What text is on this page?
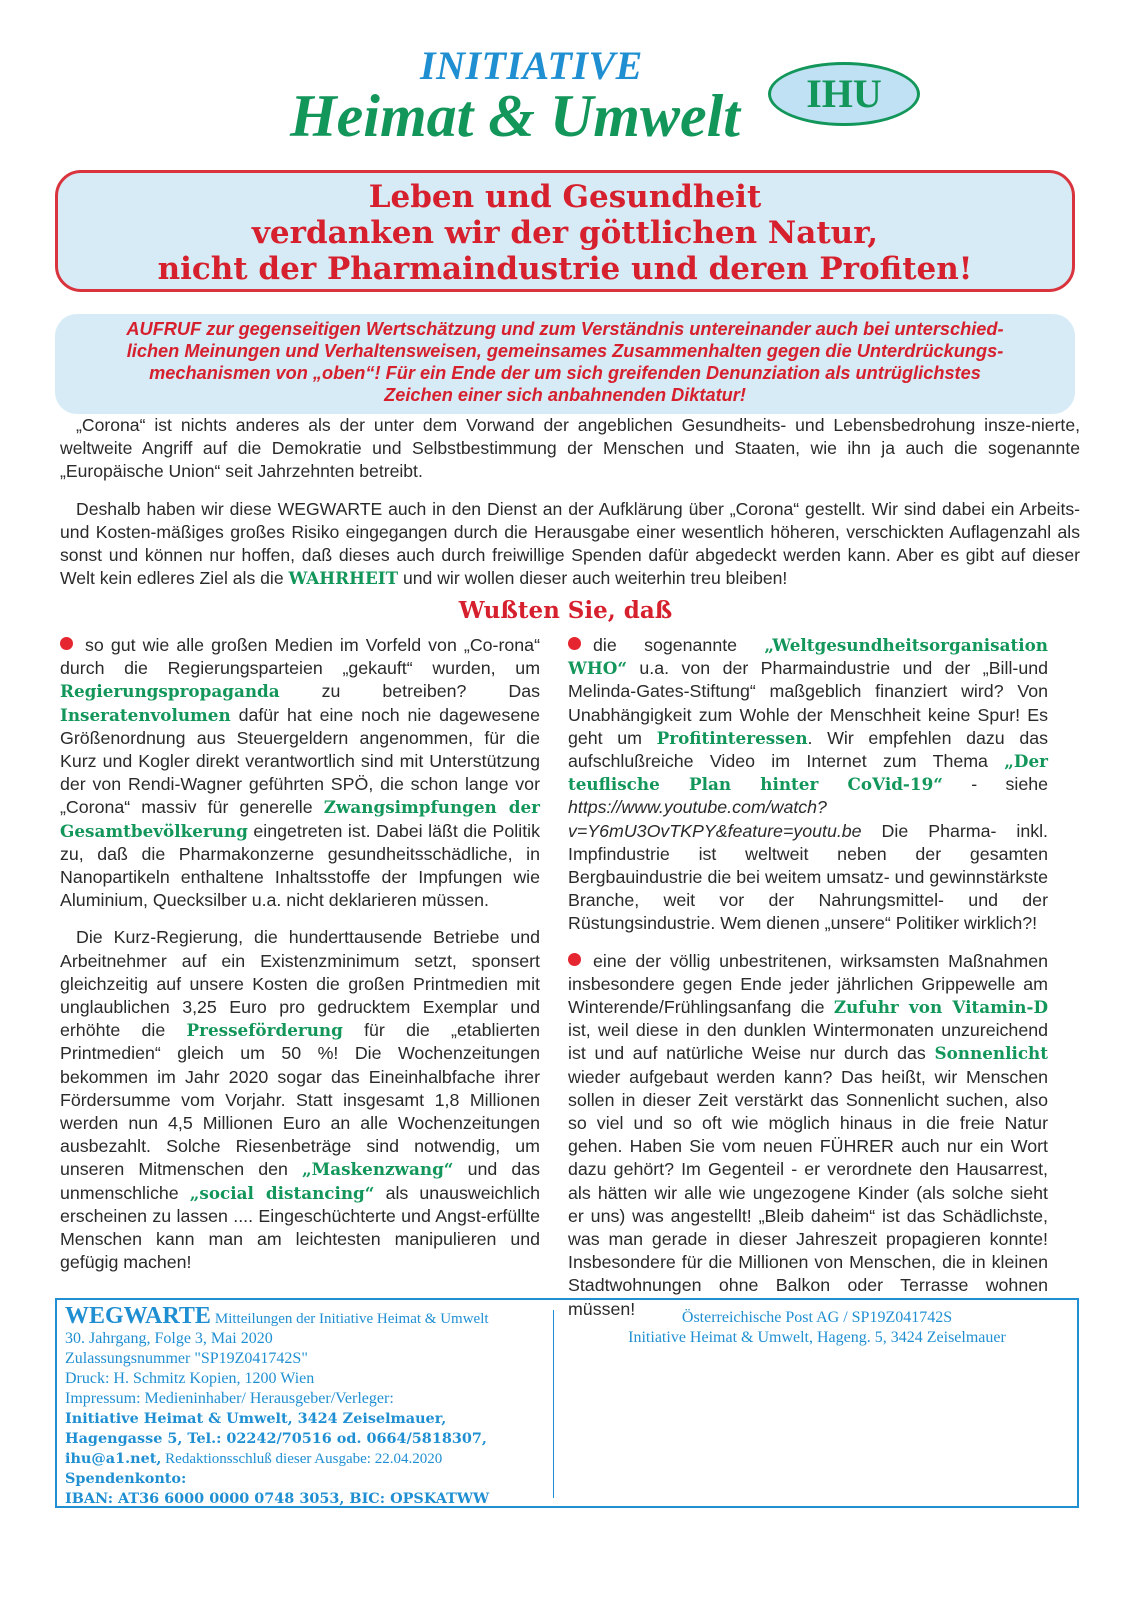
INITIATIVE
Heimat & Umwelt	IHU
Leben und Gesundheit
verdanken wir der göttlichen Natur,
nicht der Pharmaindustrie und deren Profiten!
AUFRUF zur gegenseitigen Wertschätzung und zum Verständnis untereinander auch bei unterschied-
lichen Meinungen und Verhaltensweisen, gemeinsames Zusammenhalten gegen die Unterdrückungs-
mechanismen von „oben“! Für ein Ende der um sich greifenden Denunziation als untrüglichstes
Zeichen einer sich anbahnenden Diktatur!

„Corona“ ist nichts anderes als der unter dem Vorwand der angeblichen Gesundheits- und Lebensbedrohung insze-nierte, weltweite Angriff auf die Demokratie und Selbstbestimmung der Menschen und Staaten, wie ihn ja auch die sogenannte „Europäische Union“ seit Jahrzehnten betreibt.

Deshalb haben wir diese WEGWARTE auch in den Dienst an der Aufklärung über „Corona“ gestellt. Wir sind dabei ein Arbeits- und Kosten-mäßiges großes Risiko eingegangen durch die Herausgabe einer wesentlich höheren, verschickten Auflagenzahl als sonst und können nur hoffen, daß dieses auch durch freiwillige Spenden dafür abgedeckt werden kann. Aber es gibt auf dieser Welt kein edleres Ziel als die WAHRHEIT und wir wollen dieser auch weiterhin treu bleiben!

Wußten Sie, daß

so gut wie alle großen Medien im Vorfeld von „Co-rona“ durch die Regierungsparteien „gekauft“ wurden, um Regierungspropaganda zu betreiben? Das Inseratenvolumen dafür hat eine noch nie dagewesene Größenordnung aus Steuergeldern angenommen, für die Kurz und Kogler direkt verantwortlich sind mit Unterstützung der von Rendi-Wagner geführten SPÖ, die schon lange vor „Corona“ massiv für generelle Zwangsimpfungen der Gesamtbevölkerung eingetreten ist. Dabei läßt die Politik zu, daß die Pharmakonzerne gesundheitsschädliche, in Nanopartikeln enthaltene Inhaltsstoffe der Impfungen wie Aluminium, Quecksilber u.a. nicht deklarieren müssen.

Die Kurz-Regierung, die hunderttausende Betriebe und Arbeitnehmer auf ein Existenzminimum setzt, sponsert gleichzeitig auf unsere Kosten die großen Printmedien mit unglaublichen 3,25 Euro pro gedrucktem Exemplar und erhöhte die Presseförderung für die „etablierten Printmedien“ gleich um 50 %! Die Wochenzeitungen bekommen im Jahr 2020 sogar das Eineinhalbfache ihrer Fördersumme vom Vorjahr. Statt insgesamt 1,8 Millionen werden nun 4,5 Millionen Euro an alle Wochenzeitungen ausbezahlt. Solche Riesenbeträge sind notwendig, um unseren Mitmenschen den „Maskenzwang“ und das unmenschliche „social distancing“ als unausweichlich erscheinen zu lassen .... Eingeschüchterte und Angst-erfüllte Menschen kann man am leichtesten manipulieren und gefügig machen!

die sogenannte „Weltgesundheitsorganisation WHO“ u.a. von der Pharmaindustrie und der „Bill-und Melinda-Gates-Stiftung“ maßgeblich finanziert wird? Von Unabhängigkeit zum Wohle der Menschheit keine Spur! Es geht um Profitinteressen. Wir empfehlen dazu das aufschlußreiche Video im Internet zum Thema „Der teuflische Plan hinter CoVid-19“ - siehe https://www.youtube.com/watch?v=Y6mU3OvTKPY&feature=youtu.be Die Pharma- inkl. Impfindustrie ist weltweit neben der gesamten Bergbauindustrie die bei weitem umsatz- und gewinnstärkste Branche, weit vor der Nahrungsmittel- und der Rüstungsindustrie. Wem dienen „unsere“ Politiker wirklich?!

eine der völlig unbestritenen, wirksamsten Maßnahmen insbesondere gegen Ende jeder jährlichen Grippewelle am Winterende/Frühlingsanfang die Zufuhr von Vitamin-D ist, weil diese in den dunklen Wintermonaten unzureichend ist und auf natürliche Weise nur durch das Sonnenlicht wieder aufgebaut werden kann? Das heißt, wir Menschen sollen in dieser Zeit verstärkt das Sonnenlicht suchen, also so viel und so oft wie möglich hinaus in die freie Natur gehen. Haben Sie vom neuen FÜHRER auch nur ein Wort dazu gehört? Im Gegenteil - er verordnete den Hausarrest, als hätten wir alle wie ungezogene Kinder (als solche sieht er uns) was angestellt! „Bleib daheim“ ist das Schädlichste, was man gerade in dieser Jahreszeit propagieren konnte! Insbesondere für die Millionen von Menschen, die in kleinen Stadtwohnungen ohne Balkon oder Terrasse wohnen müssen!

WEGWARTE Mitteilungen der Initiative Heimat & Umwelt
30. Jahrgang, Folge 3, Mai 2020
Zulassungsnummer "SP19Z041742S"
Druck: H. Schmitz Kopien, 1200 Wien
Impressum: Medieninhaber/ Herausgeber/Verleger:
Initiative Heimat & Umwelt, 3424 Zeiselmauer,
Hagengasse 5, Tel.: 02242/70516 od. 0664/5818307,
ihu@a1.net, Redaktionsschluß dieser Ausgabe: 22.04.2020
Spendenkonto:
IBAN: AT36 6000 0000 0748 3053, BIC: OPSKATWW
Österreichische Post AG / SP19Z041742S
Initiative Heimat & Umwelt, Hageng. 5, 3424 Zeiselmauer
